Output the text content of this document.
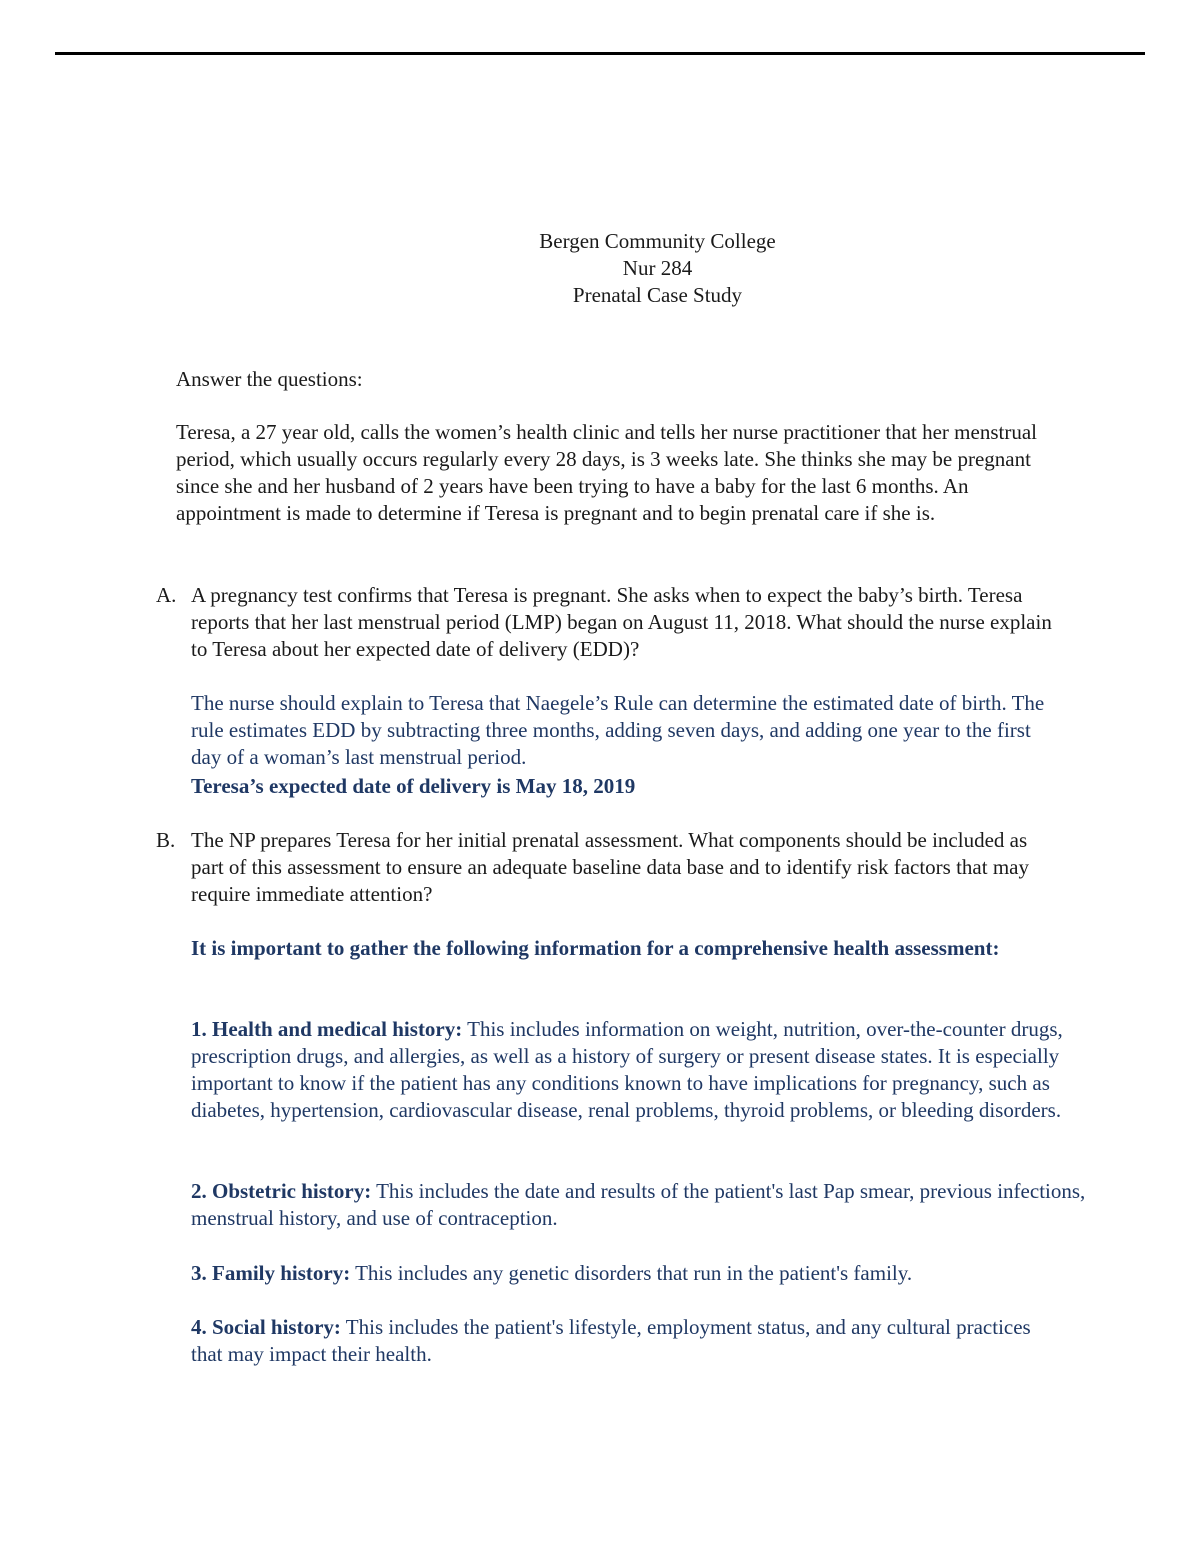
Bergen Community College
Nur 284
Prenatal Case Study
Answer the questions:
Teresa, a 27 year old, calls the women’s health clinic and tells her nurse practitioner that her menstrual period, which usually occurs regularly every 28 days, is 3 weeks late. She thinks she may be pregnant since she and her husband of 2 years have been trying to have a baby for the last 6 months. An appointment is made to determine if Teresa is pregnant and to begin prenatal care if she is.
A. A pregnancy test confirms that Teresa is pregnant. She asks when to expect the baby’s birth. Teresa reports that her last menstrual period (LMP) began on August 11, 2018. What should the nurse explain to Teresa about her expected date of delivery (EDD)?
The nurse should explain to Teresa that Naegele’s Rule can determine the estimated date of birth. The rule estimates EDD by subtracting three months, adding seven days, and adding one year to the first day of a woman’s last menstrual period.
Teresa’s expected date of delivery is May 18, 2019
B. The NP prepares Teresa for her initial prenatal assessment. What components should be included as part of this assessment to ensure an adequate baseline data base and to identify risk factors that may require immediate attention?
It is important to gather the following information for a comprehensive health assessment:
1. Health and medical history: This includes information on weight, nutrition, over-the-counter drugs, prescription drugs, and allergies, as well as a history of surgery or present disease states. It is especially important to know if the patient has any conditions known to have implications for pregnancy, such as diabetes, hypertension, cardiovascular disease, renal problems, thyroid problems, or bleeding disorders.
2. Obstetric history: This includes the date and results of the patient's last Pap smear, previous infections, menstrual history, and use of contraception.
3. Family history: This includes any genetic disorders that run in the patient's family.
4. Social history: This includes the patient's lifestyle, employment status, and any cultural practices that may impact their health.
